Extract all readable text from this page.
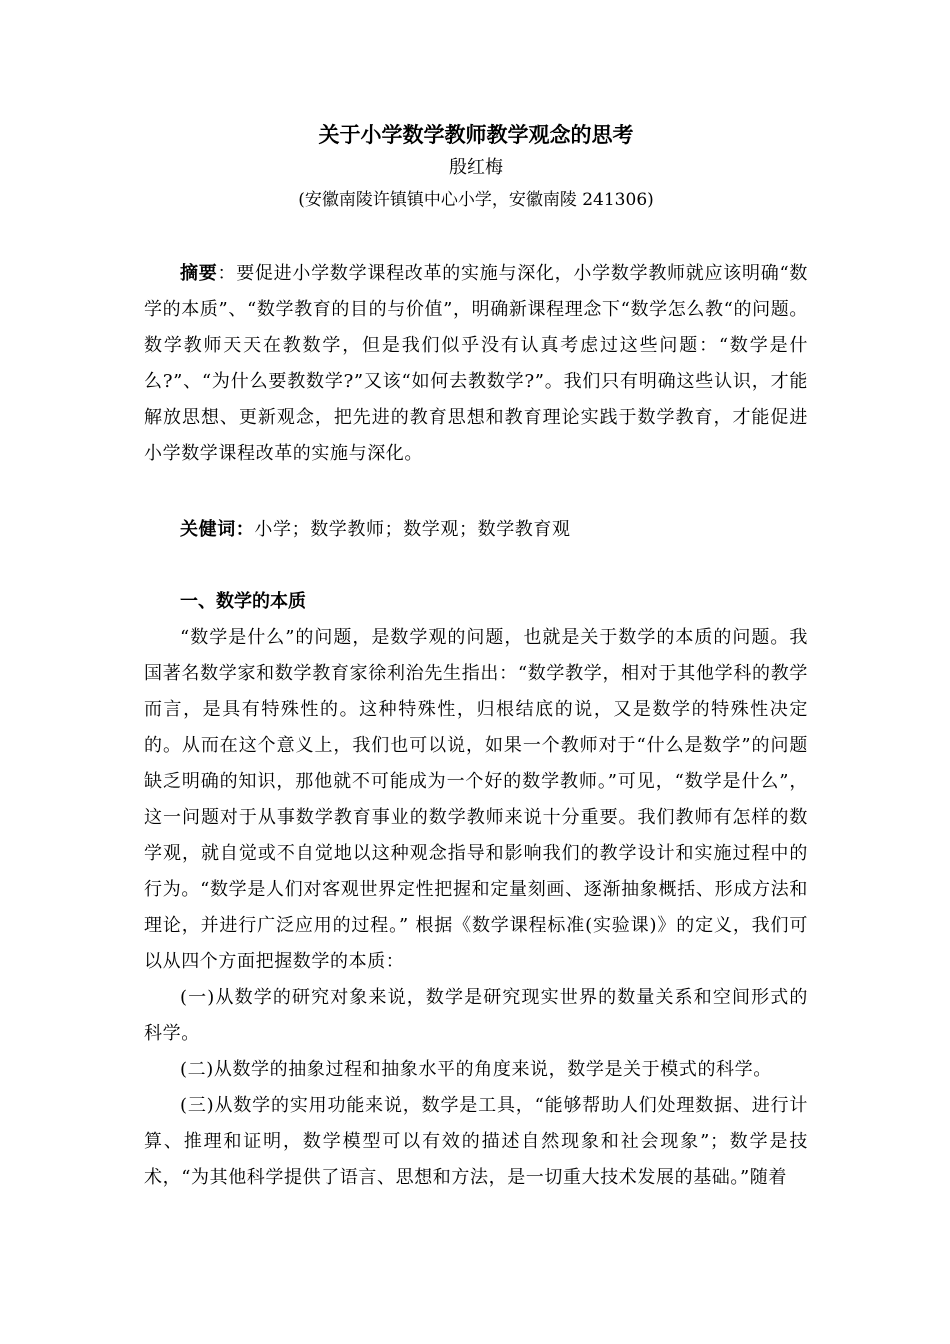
关于小学数学教师教学观念的思考
殷红梅
(安徽南陵许镇镇中心小学，安徽南陵 241306)

摘要：要促进小学数学课程改革的实施与深化，小学数学教师就应该明确“数学的本质”、“数学教育的目的与价值”，明确新课程理念下“数学怎么教“的问题。数学教师天天在教数学，但是我们似乎没有认真考虑过这些问题：“数学是什么?”、“为什么要教数学?”又该“如何去教数学?”。我们只有明确这些认识，才能解放思想、更新观念，把先进的教育思想和教育理论实践于数学教育，才能促进小学数学课程改革的实施与深化。

关健词：小学；数学教师；数学观；数学教育观

一、数学的本质

“数学是什么”的问题，是数学观的问题，也就是关于数学的本质的问题。我国著名数学家和数学教育家徐利治先生指出：“数学教学，相对于其他学科的教学而言，是具有特殊性的。这种特殊性，归根结底的说，又是数学的特殊性决定的。从而在这个意义上，我们也可以说，如果一个教师对于“什么是数学”的问题缺乏明确的知识，那他就不可能成为一个好的数学教师。”可见，“数学是什么”，这一问题对于从事数学教育事业的数学教师来说十分重要。我们教师有怎样的数学观，就自觉或不自觉地以这种观念指导和影响我们的教学设计和实施过程中的行为。“数学是人们对客观世界定性把握和定量刻画、逐渐抽象概括、形成方法和理论，并进行广泛应用的过程。” 根据《数学课程标准(实验课)》的定义，我们可以从四个方面把握数学的本质：

(一)从数学的研究对象来说，数学是研究现实世界的数量关系和空间形式的科学。

(二)从数学的抽象过程和抽象水平的角度来说，数学是关于模式的科学。

(三)从数学的实用功能来说，数学是工具，“能够帮助人们处理数据、进行计算、推理和证明，数学模型可以有效的描述自然现象和社会现象”；数学是技术，“为其他科学提供了语言、思想和方法，是一切重大技术发展的基础。”随着
